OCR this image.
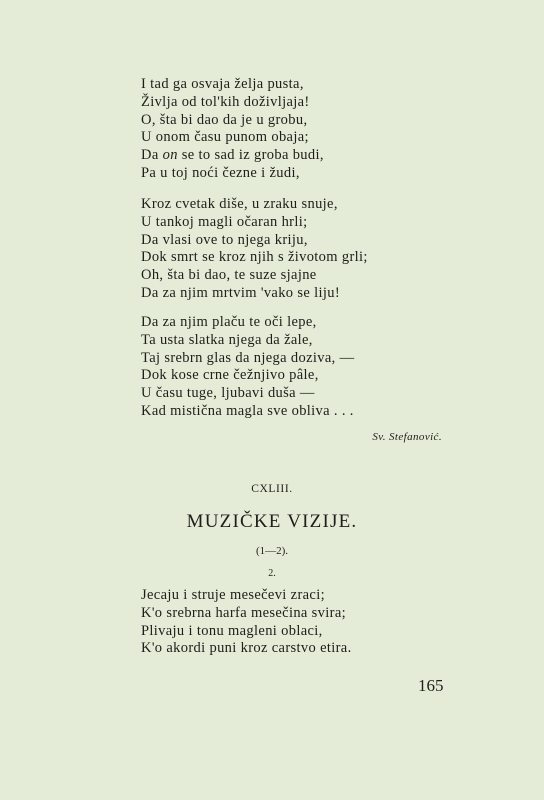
I tad ga osvaja želja pusta,
Življa od tol'kih doživljaja!
O, šta bi dao da je u grobu,
U onom času punom obaja;
Da on se to sad iz groba budi,
Pa u toj noći čezne i žudi,
Kroz cvetak diše, u zraku snuje,
U tankoj magli očaran hrli;
Da vlasi ove to njega kriju,
Dok smrt se kroz njih s životom grli;
Oh, šta bi dao, te suze sjajne
Da za njim mrtvim 'vako se liju!
Da za njim plaču te oči lepe,
Ta usta slatka njega da žale,
Taj srebrn glas da njega doziva, —
Dok kose crne čežnjivo pâle,
U času tuge, ljubavi duša —
Kad mistična magla sve obliva . . .
Sv. Stefanović.
CXLIII.
MUZIČKE VIZIJE.
(1—2).
2.
Jecaju i struje mesečevi zraci;
K'o srebrna harfa mesečina svira;
Plivaju i tonu magleni oblaci,
K'o akordi puni kroz carstvo etira.
165
